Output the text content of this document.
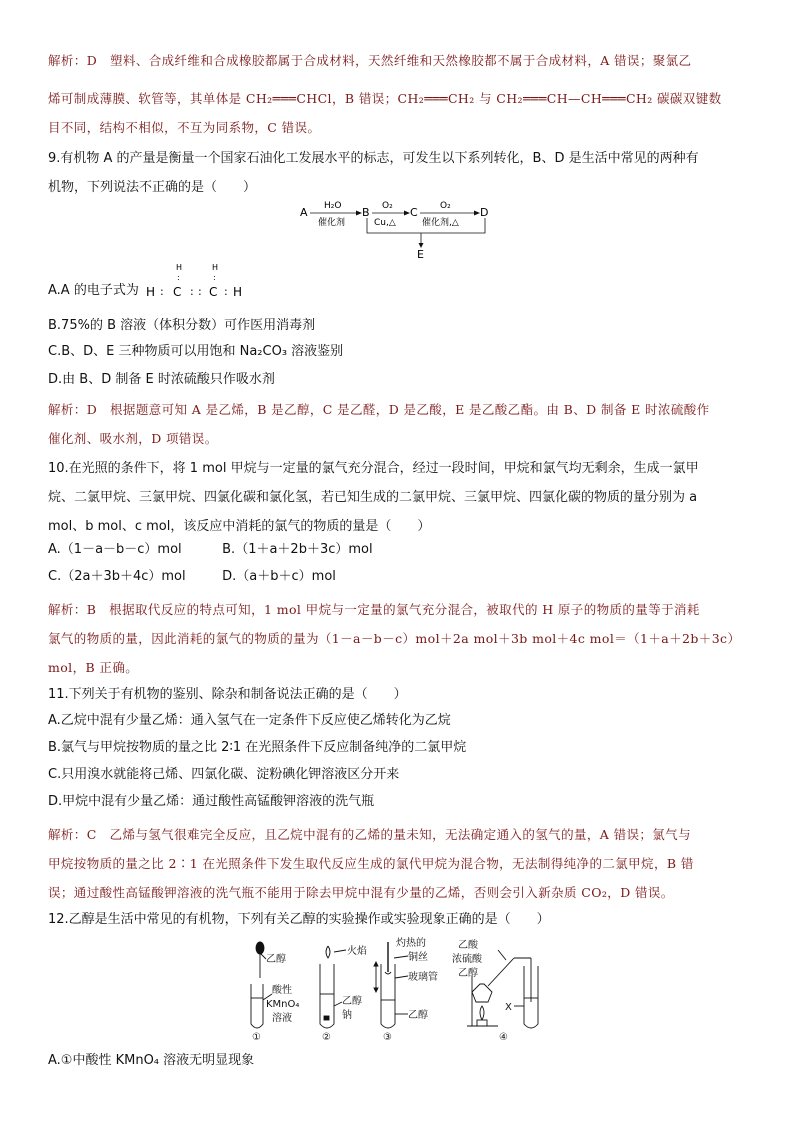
解析：D　塑料、合成纤维和合成橡胶都属于合成材料，天然纤维和天然橡胶都不属于合成材料，A 错误；聚氯乙
烯可制成薄膜、软管等，其单体是 CH₂═══CHCl，B 错误；CH₂═══CH₂ 与 CH₂═══CH—CH═══CH₂ 碳碳双键数
目不同，结构不相似，不互为同系物，C 错误。
9.有机物 A 的产量是衡量一个国家石油化工发展水平的标志，可发生以下系列转化，B、D 是生活中常见的两种有
机物，下列说法不正确的是（　　）
A H₂O
催化剂
B O₂
Cu,△
C O₂
催化剂,△
D
E
A.A 的电子式为
H	H
:	:
H : C : : C : H
B.75%的 B 溶液（体积分数）可作医用消毒剂
C.B、D、E 三种物质可以用饱和 Na₂CO₃ 溶液鉴别
D.由 B、D 制备 E 时浓硫酸只作吸水剂
解析：D　根据题意可知 A 是乙烯，B 是乙醇，C 是乙醛，D 是乙酸，E 是乙酸乙酯。由 B、D 制备 E 时浓硫酸作
催化剂、吸水剂，D 项错误。
10.在光照的条件下，将 1 mol 甲烷与一定量的氯气充分混合，经过一段时间，甲烷和氯气均无剩余，生成一氯甲
烷、二氯甲烷、三氯甲烷、四氯化碳和氯化氢，若已知生成的二氯甲烷、三氯甲烷、四氯化碳的物质的量分别为 a
mol、b mol、c mol，该反应中消耗的氯气的物质的量是（　　）
A.（1－a－b－c）mol	B.（1＋a＋2b＋3c）mol
C.（2a＋3b＋4c）mol	D.（a＋b＋c）mol
解析：B　根据取代反应的特点可知，1 mol 甲烷与一定量的氯气充分混合，被取代的 H 原子的物质的量等于消耗
氯气的物质的量，因此消耗的氯气的物质的量为（1－a－b－c）mol＋2a mol＋3b mol＋4c mol＝（1＋a＋2b＋3c）
mol，B 正确。
11.下列关于有机物的鉴别、除杂和制备说法正确的是（　　）
A.乙烷中混有少量乙烯：通入氢气在一定条件下反应使乙烯转化为乙烷
B.氯气与甲烷按物质的量之比 2∶1 在光照条件下反应制备纯净的二氯甲烷
C.只用溴水就能将己烯、四氯化碳、淀粉碘化钾溶液区分开来
D.甲烷中混有少量乙烯：通过酸性高锰酸钾溶液的洗气瓶
解析：C　乙烯与氢气很难完全反应，且乙烷中混有的乙烯的量未知，无法确定通入的氢气的量，A 错误；氯气与
甲烷按物质的量之比 2∶1 在光照条件下发生取代反应生成的氯代甲烷为混合物，无法制得纯净的二氯甲烷，B 错
误；通过酸性高锰酸钾溶液的洗气瓶不能用于除去甲烷中混有少量的乙烯，否则会引入新杂质 CO₂，D 错误。
12.乙醇是生活中常见的有机物，下列有关乙醇的实验操作或实验现象正确的是（　　）
乙醇
酸性
KMnO₄
溶液
火焰
乙醇
钠
灼热的
铜丝
玻璃管
乙醇
乙酸
浓硫酸
乙醇
X
①	②	③	④
A.①中酸性 KMnO₄ 溶液无明显现象
